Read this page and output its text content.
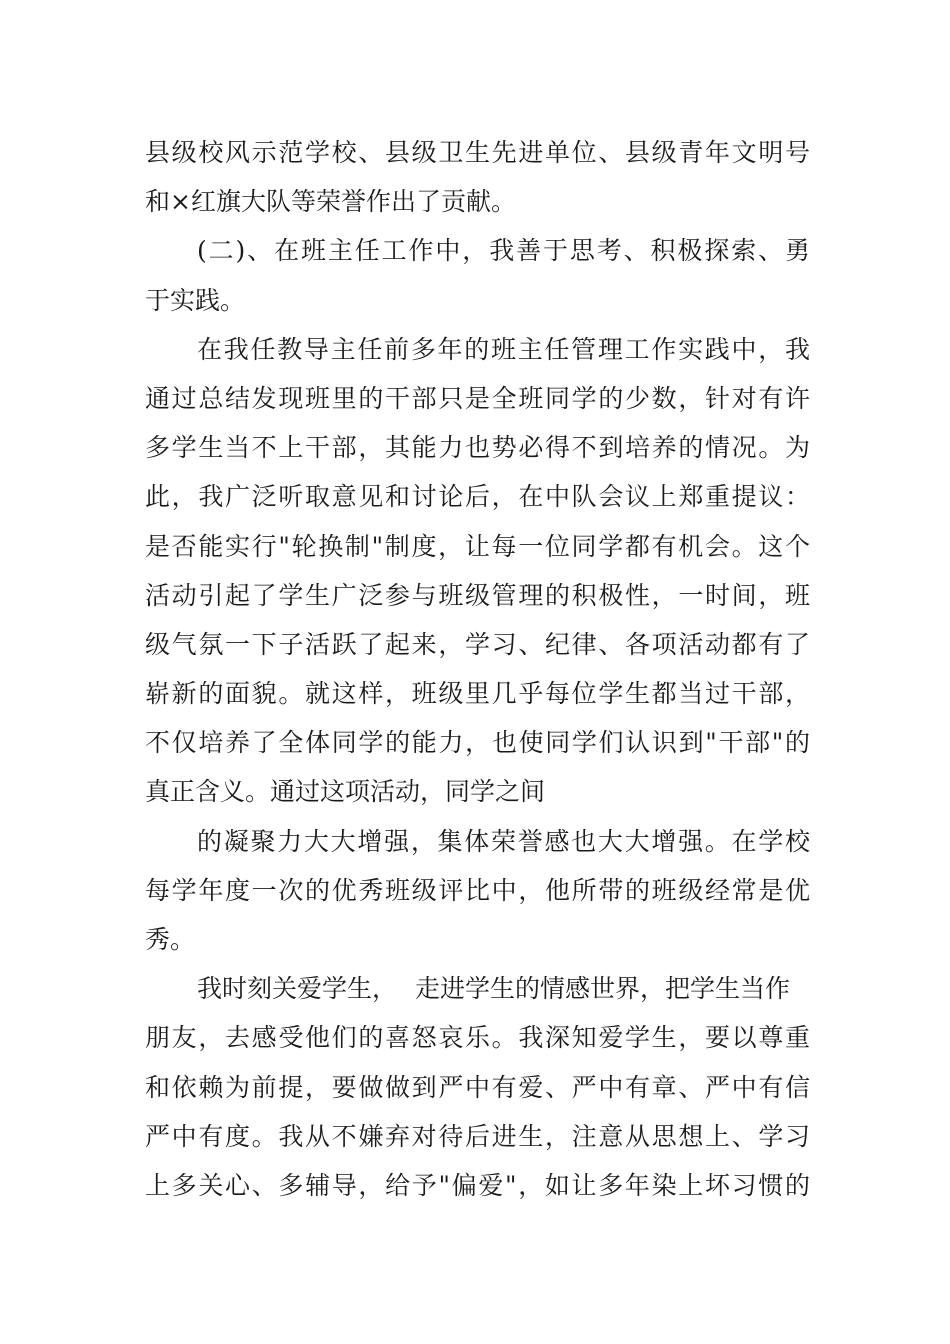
县级校风示范学校、县级卫生先进单位、县级青年文明号
和×红旗大队等荣誉作出了贡献。
(二)、在班主任工作中，我善于思考、积极探索、勇
于实践。
在我任教导主任前多年的班主任管理工作实践中，我
通过总结发现班里的干部只是全班同学的少数，针对有许
多学生当不上干部，其能力也势必得不到培养的情况。为
此，我广泛听取意见和讨论后，在中队会议上郑重提议：
是否能实行"轮换制"制度，让每一位同学都有机会。这个
活动引起了学生广泛参与班级管理的积极性，一时间，班
级气氛一下子活跃了起来，学习、纪律、各项活动都有了
崭新的面貌。就这样，班级里几乎每位学生都当过干部，
不仅培养了全体同学的能力，也使同学们认识到"干部"的
真正含义。通过这项活动，同学之间
的凝聚力大大增强，集体荣誉感也大大增强。在学校
每学年度一次的优秀班级评比中，他所带的班级经常是优
秀。
我时刻关爱学生， 走进学生的情感世界，把学生当作
朋友，去感受他们的喜怒哀乐。我深知爱学生，要以尊重
和依赖为前提，要做做到严中有爱、严中有章、严中有信
严中有度。我从不嫌弃对待后进生，注意从思想上、学习
上多关心、多辅导，给予"偏爱"，如让多年染上坏习惯的
